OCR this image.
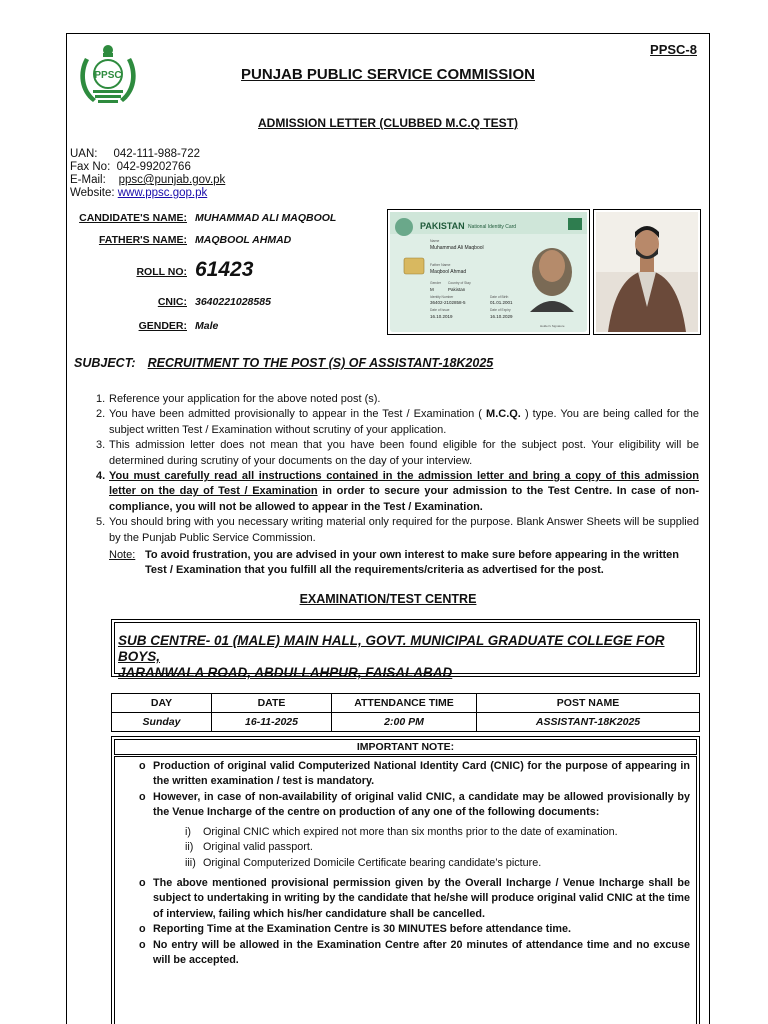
PPSC-8
PPSC	PUNJAB PUBLIC SERVICE COMMISSION
ADMISSION LETTER (CLUBBED M.C.Q TEST)
UAN: 042-111-988-722
Fax No: 042-99202766
E-Mail: ppsc@punjab.gov.pk
Website: www.ppsc.gop.pk
CANDIDATE'S NAME: MUHAMMAD ALI MAQBOOL
FATHER'S NAME: MAQBOOL AHMAD
ROLL NO: 61423
CNIC: 3640221028585
GENDER: Male
PAKISTAN National Identity Card
Name
Muhammad Ali Maqbool
Father Name
Maqbool Ahmad
Gender Country of Stay
M	Pakistan
Identity Number	Date of Birth
36402-2102858-5	01.01.2001
Date of Issue	Date of Expiry
16.10.2019	16.10.2029
Holder's Signature
SUBJECT: RECRUITMENT TO THE POST (S) OF ASSISTANT-18K2025
1. Reference your application for the above noted post (s).
2. You have been admitted provisionally to appear in the Test / Examination ( M.C.Q. ) type. You are being called for the subject written Test / Examination without scrutiny of your application.
3. This admission letter does not mean that you have been found eligible for the subject post. Your eligibility will be determined during scrutiny of your documents on the day of your interview.
4. You must carefully read all instructions contained in the admission letter and bring a copy of this admission letter on the day of Test / Examination in order to secure your admission to the Test Centre. In case of non-compliance, you will not be allowed to appear in the Test / Examination.
5. You should bring with you necessary writing material only required for the purpose. Blank Answer Sheets will be supplied by the Punjab Public Service Commission.
Note: To avoid frustration, you are advised in your own interest to make sure before appearing in the written Test / Examination that you fulfill all the requirements/criteria as advertised for the post.
EXAMINATION/TEST CENTRE
SUB CENTRE- 01 (MALE) MAIN HALL, GOVT. MUNICIPAL GRADUATE COLLEGE FOR BOYS,
JARANWALA ROAD, ABDULLAHPUR, FAISALABAD
DAY	DATE	ATTENDANCE TIME	POST NAME
Sunday	16-11-2025	2:00 PM	ASSISTANT-18K2025
IMPORTANT NOTE:
o Production of original valid Computerized National Identity Card (CNIC) for the purpose of appearing in the written examination / test is mandatory.
o However, in case of non-availability of original valid CNIC, a candidate may be allowed provisionally by the Venue Incharge of the centre on production of any one of the following documents:
i) Original CNIC which expired not more than six months prior to the date of examination.
ii) Original valid passport.
iii) Original Computerized Domicile Certificate bearing candidate’s picture.
o The above mentioned provisional permission given by the Overall Incharge / Venue Incharge shall be subject to undertaking in writing by the candidate that he/she will produce original valid CNIC at the time of interview, failing which his/her candidature shall be cancelled.
o Reporting Time at the Examination Centre is 30 MINUTES before attendance time.
o No entry will be allowed in the Examination Centre after 20 minutes of attendance time and no excuse will be accepted.
